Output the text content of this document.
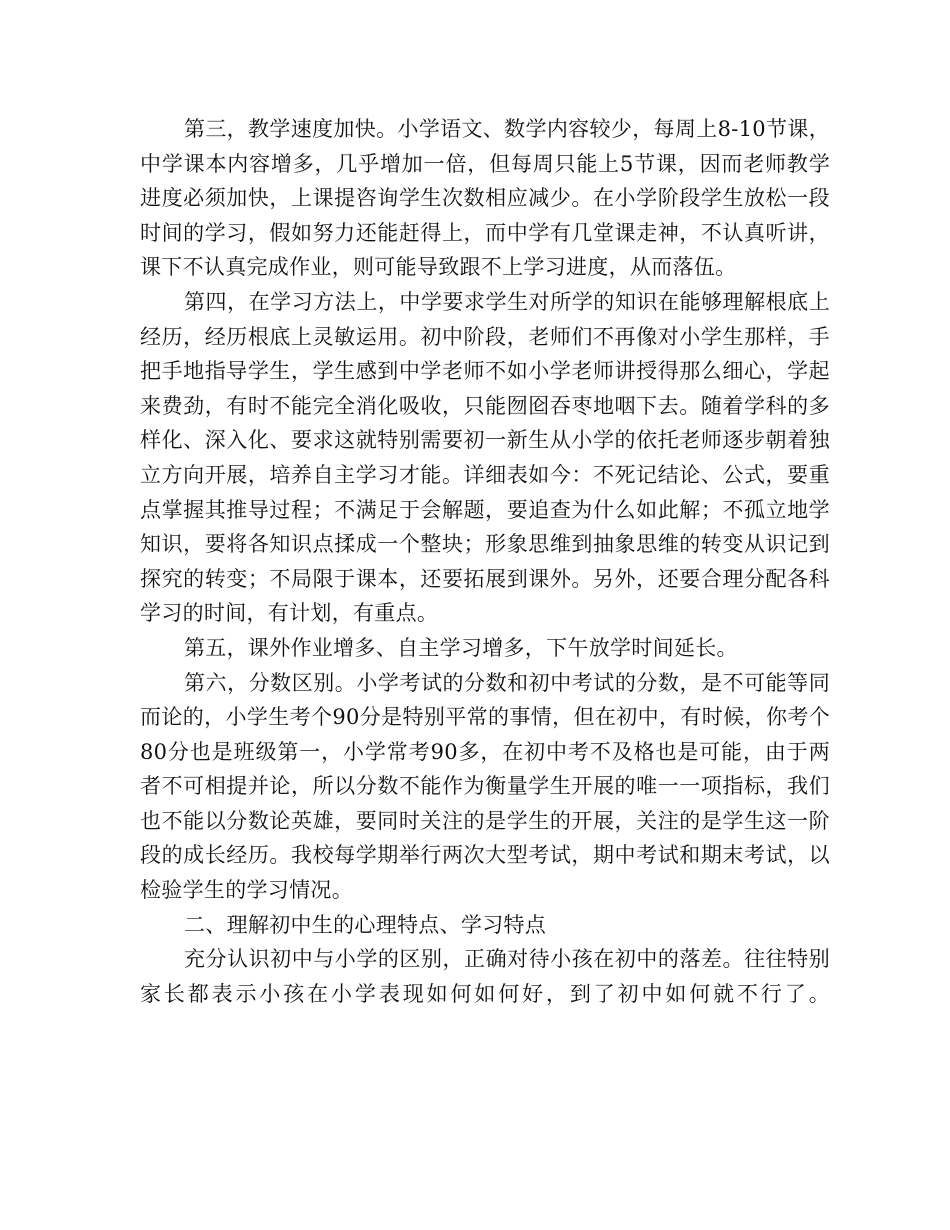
第三，教学速度加快。小学语文、数学内容较少，每周上8-10节课，中学课本内容增多，几乎增加一倍，但每周只能上5节课，因而老师教学进度必须加快，上课提咨询学生次数相应减少。在小学阶段学生放松一段时间的学习，假如努力还能赶得上，而中学有几堂课走神，不认真听讲，课下不认真完成作业，则可能导致跟不上学习进度，从而落伍。

第四，在学习方法上，中学要求学生对所学的知识在能够理解根底上经历，经历根底上灵敏运用。初中阶段，老师们不再像对小学生那样，手把手地指导学生，学生感到中学老师不如小学老师讲授得那么细心，学起来费劲，有时不能完全消化吸收，只能囫囵吞枣地咽下去。随着学科的多样化、深入化、要求这就特别需要初一新生从小学的依托老师逐步朝着独立方向开展，培养自主学习才能。详细表如今：不死记结论、公式，要重点掌握其推导过程；不满足于会解题，要追查为什么如此解；不孤立地学知识，要将各知识点揉成一个整块；形象思维到抽象思维的转变从识记到探究的转变；不局限于课本，还要拓展到课外。另外，还要合理分配各科学习的时间，有计划，有重点。

第五，课外作业增多、自主学习增多，下午放学时间延长。

第六，分数区别。小学考试的分数和初中考试的分数，是不可能等同而论的，小学生考个90分是特别平常的事情，但在初中，有时候，你考个80分也是班级第一，小学常考90多，在初中考不及格也是可能，由于两者不可相提并论，所以分数不能作为衡量学生开展的唯一一项指标，我们也不能以分数论英雄，要同时关注的是学生的开展，关注的是学生这一阶段的成长经历。我校每学期举行两次大型考试，期中考试和期末考试，以检验学生的学习情况。

二、理解初中生的心理特点、学习特点

充分认识初中与小学的区别，正确对待小孩在初中的落差。往往特别家长都表示小孩在小学表现如何如何好，到了初中如何就不行了。
